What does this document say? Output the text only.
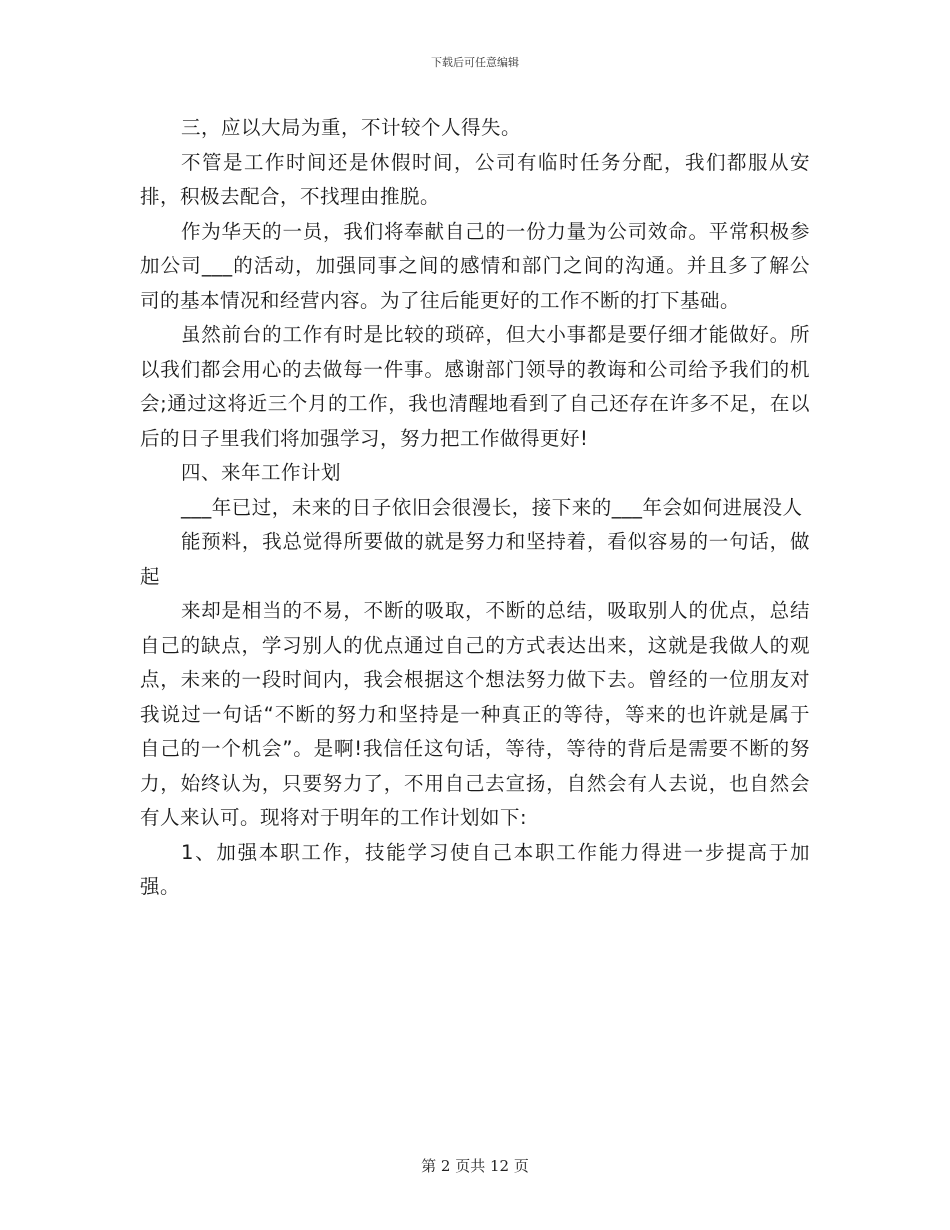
下载后可任意编辑

三，应以大局为重，不计较个人得失。

不管是工作时间还是休假时间，公司有临时任务分配，我们都服从安排，积极去配合，不找理由推脱。

作为华天的一员，我们将奉献自己的一份力量为公司效命。平常积极参加公司___的活动，加强同事之间的感情和部门之间的沟通。并且多了解公司的基本情况和经营内容。为了往后能更好的工作不断的打下基础。

虽然前台的工作有时是比较的琐碎，但大小事都是要仔细才能做好。所以我们都会用心的去做每一件事。感谢部门领导的教诲和公司给予我们的机会;通过这将近三个月的工作，我也清醒地看到了自己还存在许多不足，在以后的日子里我们将加强学习，努力把工作做得更好!

四、来年工作计划

___年已过，未来的日子依旧会很漫长，接下来的___年会如何进展没人

能预料，我总觉得所要做的就是努力和坚持着，看似容易的一句话，做起

来却是相当的不易，不断的吸取，不断的总结，吸取别人的优点，总结自己的缺点，学习别人的优点通过自己的方式表达出来，这就是我做人的观点，未来的一段时间内，我会根据这个想法努力做下去。曾经的一位朋友对我说过一句话“不断的努力和坚持是一种真正的等待，等来的也许就是属于自己的一个机会”。是啊!我信任这句话，等待，等待的背后是需要不断的努力，始终认为，只要努力了，不用自己去宣扬，自然会有人去说，也自然会有人来认可。现将对于明年的工作计划如下:

1、加强本职工作，技能学习使自己本职工作能力得进一步提高于加强。

第 2 页共 12 页
